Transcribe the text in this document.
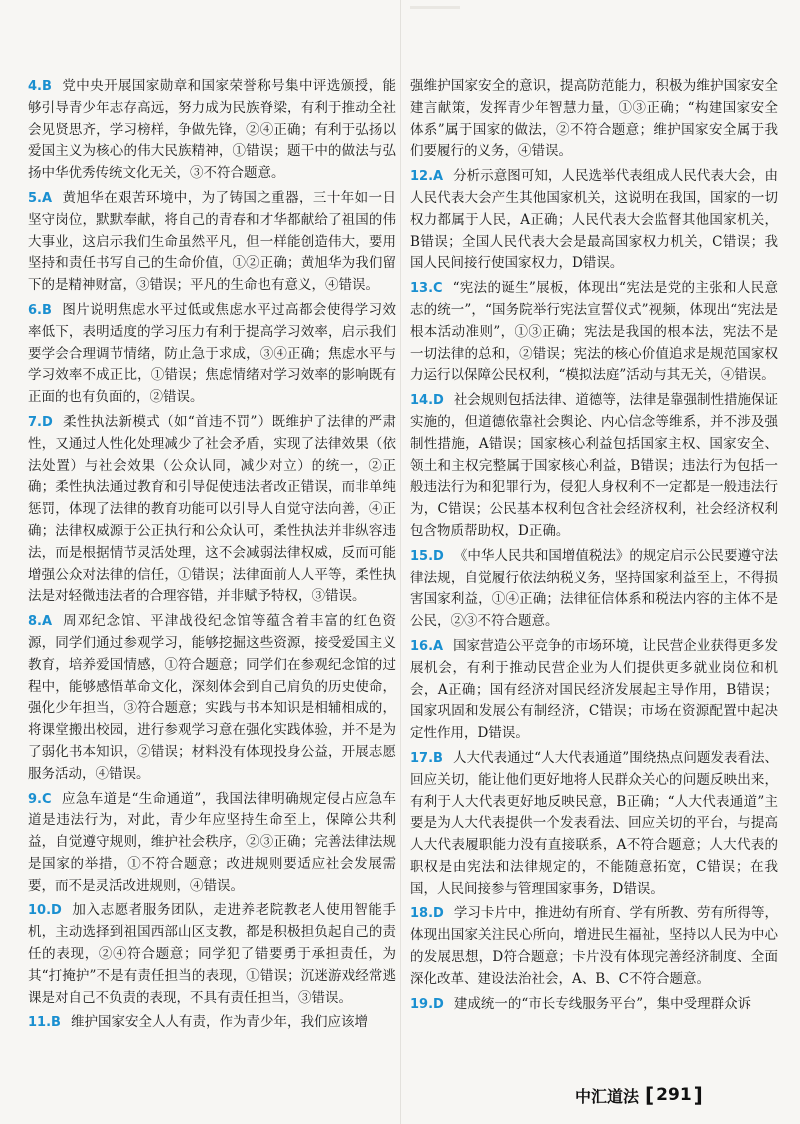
4.B 党中央开展国家勋章和国家荣誉称号集中评选颁授，能够引导青少年志存高远，努力成为民族脊梁，有利于推动全社会见贤思齐，学习榜样，争做先锋，②④正确；有利于弘扬以爱国主义为核心的伟大民族精神，①错误；题干中的做法与弘扬中华优秀传统文化无关，③不符合题意。
5.A 黄旭华在艰苦环境中，为了铸国之重器，三十年如一日坚守岗位，默默奉献，将自己的青春和才华都献给了祖国的伟大事业，这启示我们生命虽然平凡，但一样能创造伟大，要用坚持和责任书写自己的生命价值，①②正确；黄旭华为我们留下的是精神财富，③错误；平凡的生命也有意义，④错误。
6.B 图片说明焦虑水平过低或焦虑水平过高都会使得学习效率低下，表明适度的学习压力有利于提高学习效率，启示我们要学会合理调节情绪，防止急于求成，③④正确；焦虑水平与学习效率不成正比，①错误；焦虑情绪对学习效率的影响既有正面的也有负面的，②错误。
7.D 柔性执法新模式（如“首违不罚”）既维护了法律的严肃性，又通过人性化处理减少了社会矛盾，实现了法律效果（依法处置）与社会效果（公众认同，减少对立）的统一，②正确；柔性执法通过教育和引导促使违法者改正错误，而非单纯惩罚，体现了法律的教育功能可以引导人自觉守法向善，④正确；法律权威源于公正执行和公众认可，柔性执法并非纵容违法，而是根据情节灵活处理，这不会减弱法律权威，反而可能增强公众对法律的信任，①错误；法律面前人人平等，柔性执法是对轻微违法者的合理容错，并非赋予特权，③错误。
8.A 周邓纪念馆、平津战役纪念馆等蕴含着丰富的红色资源，同学们通过参观学习，能够挖掘这些资源，接受爱国主义教育，培养爱国情感，①符合题意；同学们在参观纪念馆的过程中，能够感悟革命文化，深刻体会到自己肩负的历史使命，强化少年担当，③符合题意；实践与书本知识是相辅相成的，将课堂搬出校园，进行参观学习意在强化实践体验，并不是为了弱化书本知识，②错误；材料没有体现投身公益，开展志愿服务活动，④错误。
9.C 应急车道是“生命通道”，我国法律明确规定侵占应急车道是违法行为，对此，青少年应坚持生命至上，保障公共利益，自觉遵守规则，维护社会秩序，②③正确；完善法律法规是国家的举措，①不符合题意；改进规则要适应社会发展需要，而不是灵活改进规则，④错误。
10.D 加入志愿者服务团队，走进养老院教老人使用智能手机，主动选择到祖国西部山区支教，都是积极担负起自己的责任的表现，②④符合题意；同学犯了错要勇于承担责任，为其“打掩护”不是有责任担当的表现，①错误；沉迷游戏经常逃课是对自己不负责的表现，不具有责任担当，③错误。
11.B 维护国家安全人人有责，作为青少年，我们应该增
强维护国家安全的意识，提高防范能力，积极为维护国家安全建言献策，发挥青少年智慧力量，①③正确；“构建国家安全体系”属于国家的做法，②不符合题意；维护国家安全属于我们要履行的义务，④错误。
12.A 分析示意图可知，人民选举代表组成人民代表大会，由人民代表大会产生其他国家机关，这说明在我国，国家的一切权力都属于人民，A正确；人民代表大会监督其他国家机关，B错误；全国人民代表大会是最高国家权力机关，C错误；我国人民间接行使国家权力，D错误。
13.C “宪法的诞生”展板，体现出“宪法是党的主张和人民意志的统一”，“国务院举行宪法宣誓仪式”视频，体现出“宪法是根本活动准则”，①③正确；宪法是我国的根本法，宪法不是一切法律的总和，②错误；宪法的核心价值追求是规范国家权力运行以保障公民权利，“模拟法庭”活动与其无关，④错误。
14.D 社会规则包括法律、道德等，法律是靠强制性措施保证实施的，但道德依靠社会舆论、内心信念等维系，并不涉及强制性措施，A错误；国家核心利益包括国家主权、国家安全、领土和主权完整属于国家核心利益，B错误；违法行为包括一般违法行为和犯罪行为，侵犯人身权利不一定都是一般违法行为，C错误；公民基本权利包含社会经济权利，社会经济权利包含物质帮助权，D正确。
15.D 《中华人民共和国增值税法》的规定启示公民要遵守法律法规，自觉履行依法纳税义务，坚持国家利益至上，不得损害国家利益，①④正确；法律征信体系和税法内容的主体不是公民，②③不符合题意。
16.A 国家营造公平竞争的市场环境，让民营企业获得更多发展机会，有利于推动民营企业为人们提供更多就业岗位和机会，A正确；国有经济对国民经济发展起主导作用，B错误；国家巩固和发展公有制经济，C错误；市场在资源配置中起决定性作用，D错误。
17.B 人大代表通过“人大代表通道”围绕热点问题发表看法、回应关切，能让他们更好地将人民群众关心的问题反映出来，有利于人大代表更好地反映民意，B正确；“人大代表通道”主要是为人大代表提供一个发表看法、回应关切的平台，与提高人大代表履职能力没有直接联系，A不符合题意；人大代表的职权是由宪法和法律规定的，不能随意拓宽，C错误；在我国，人民间接参与管理国家事务，D错误。
18.D 学习卡片中，推进幼有所育、学有所教、劳有所得等，体现出国家关注民心所向，增进民生福祉，坚持以人民为中心的发展思想，D符合题意；卡片没有体现完善经济制度、全面深化改革、建设法治社会，A、B、C不符合题意。
19.D 建成统一的“市长专线服务平台”，集中受理群众诉
中汇道法 [ 291 ]
